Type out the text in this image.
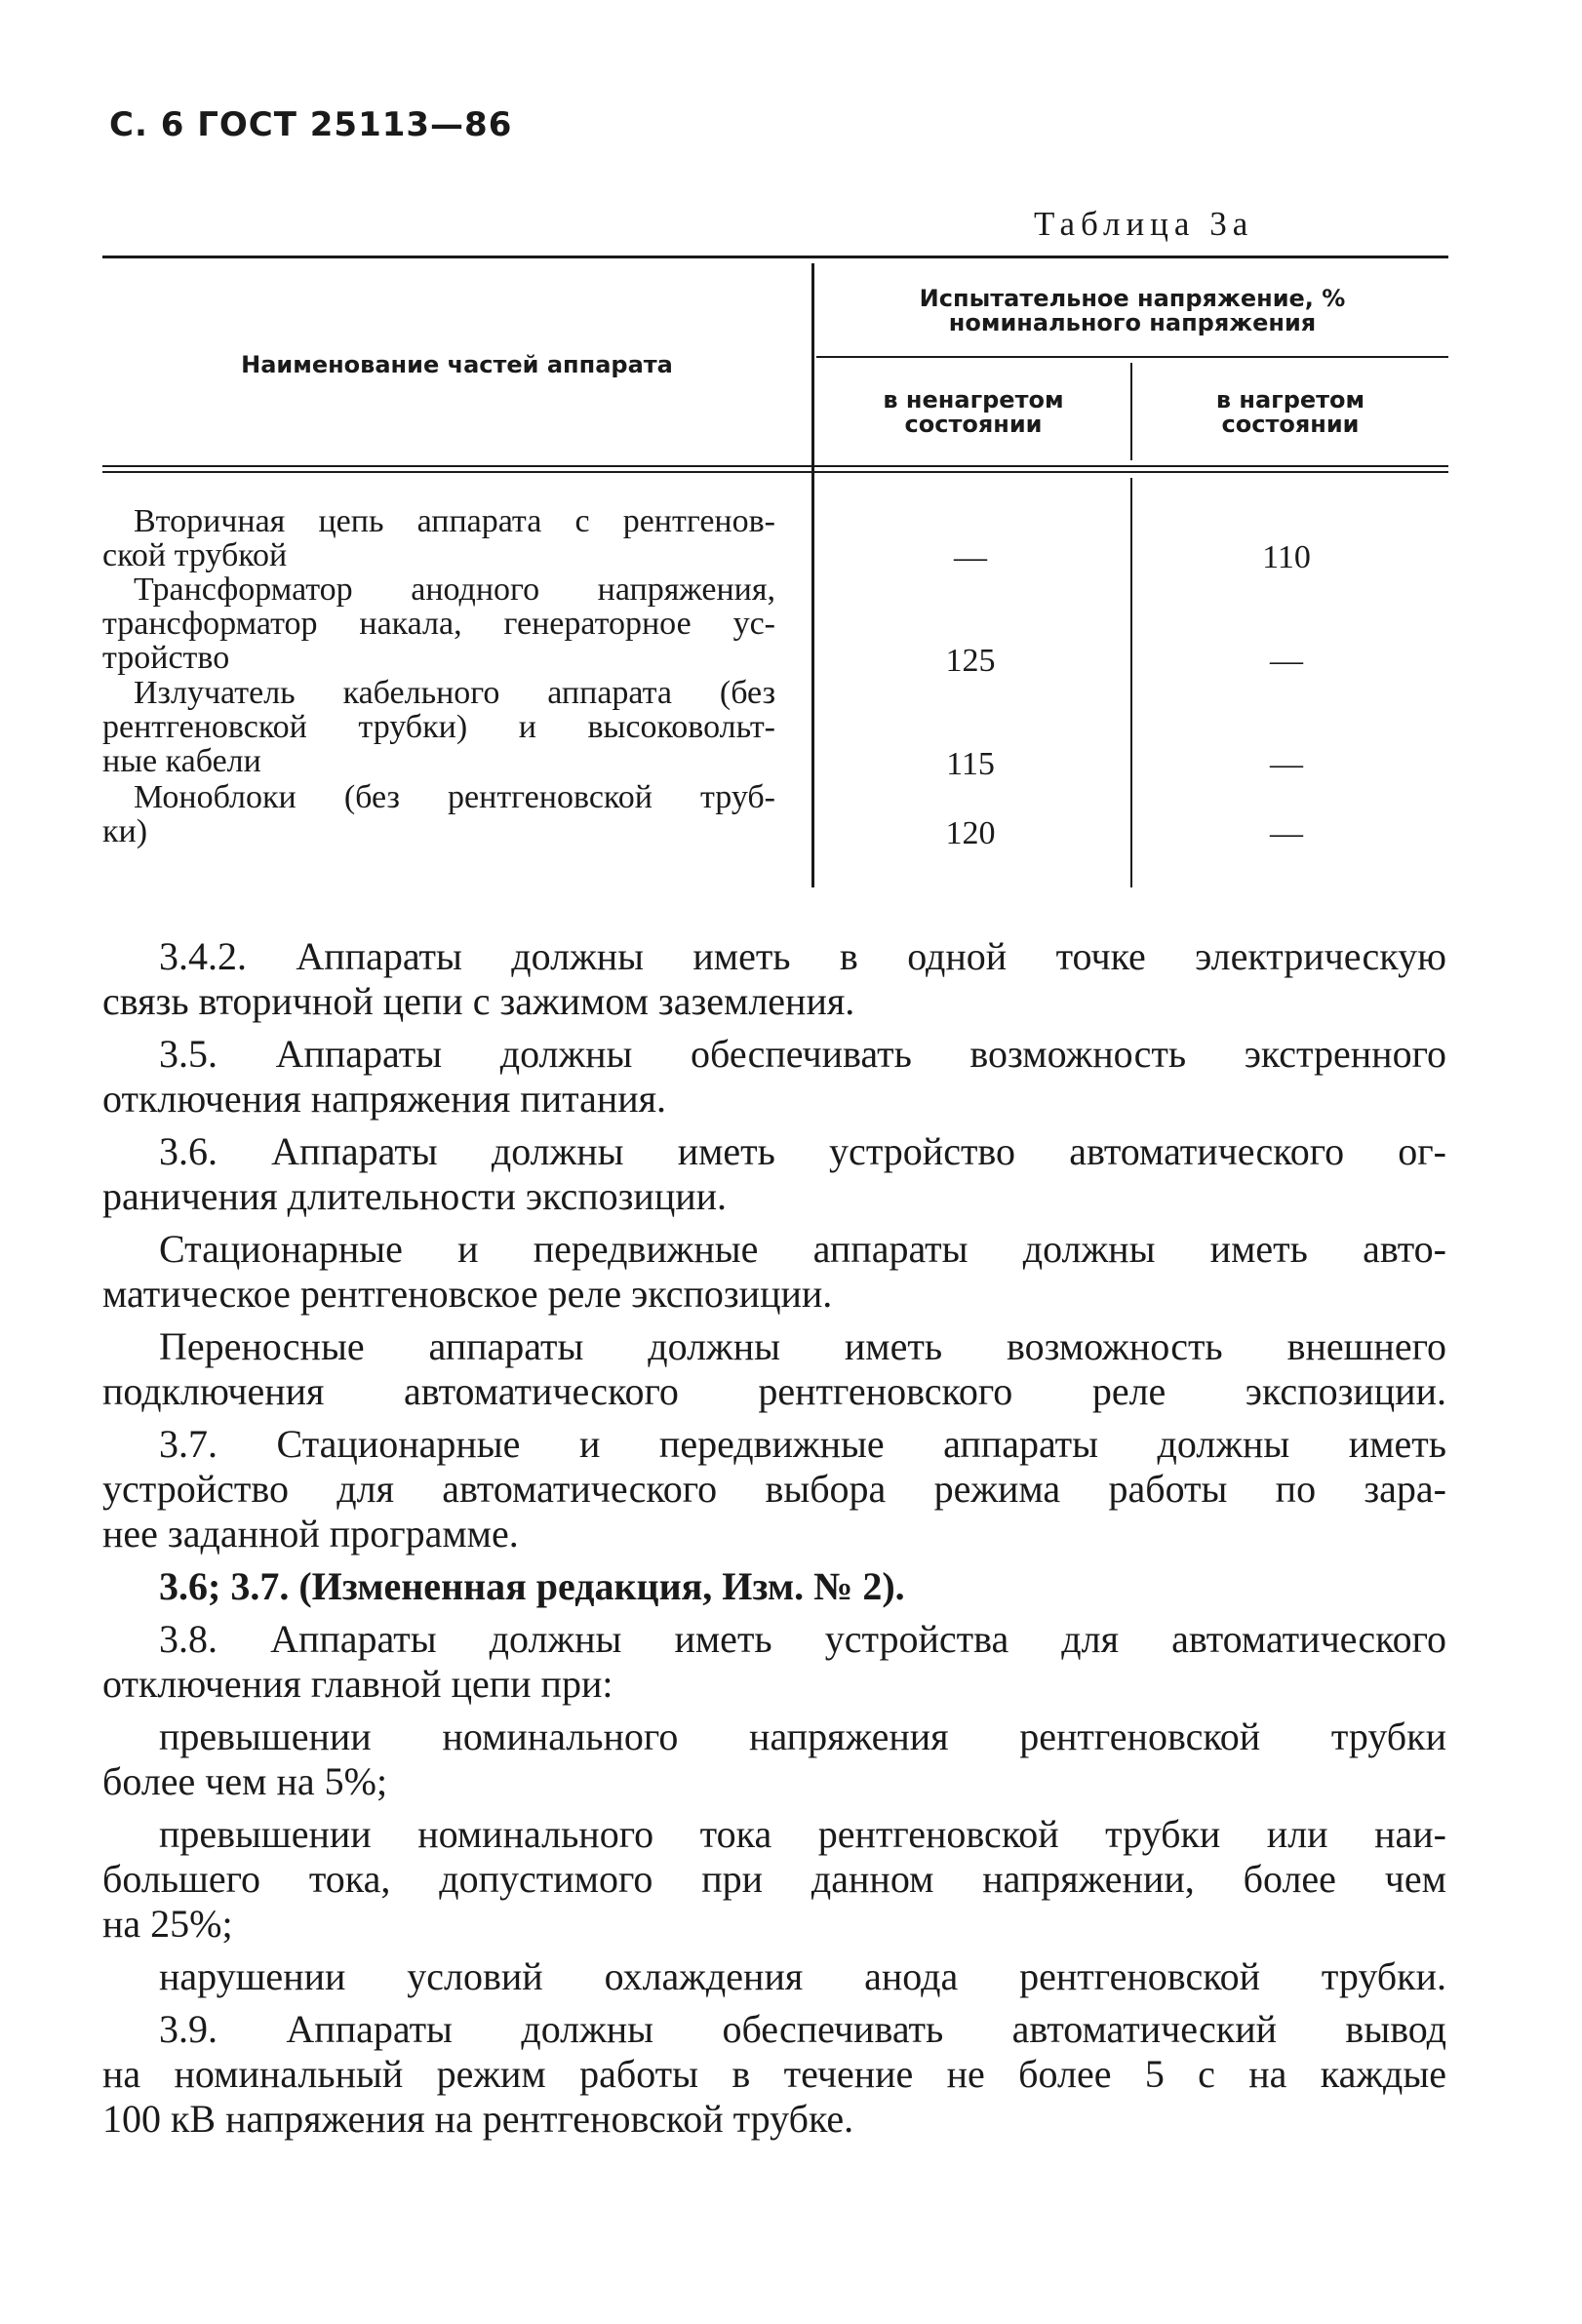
С. 6 ГОСТ 25113—86
Таблица 3а
Наименование частей аппарата
Испытательное напряжение, %
номинального напряжения
в ненагретом
состоянии
в нагретом
состоянии
Вторичная цепь аппарата с рентгенов-
ской трубкой	—	110
Трансформатор анодного напряжения,
трансформатор накала, генераторное ус-
тройство	125	—
Излучатель кабельного аппарата (без
рентгеновской трубки) и высоковольт-
ные кабели	115	—
Моноблоки (без рентгеновской труб-
ки)	120	—
3.4.2. Аппараты должны иметь в одной точке электрическую
связь вторичной цепи с зажимом заземления.
3.5. Аппараты должны обеспечивать возможность экстренного
отключения напряжения питания.
3.6. Аппараты должны иметь устройство автоматического ог-
раничения длительности экспозиции.
Стационарные и передвижные аппараты должны иметь авто-
матическое рентгеновское реле экспозиции.
Переносные аппараты должны иметь возможность внешнего
подключения автоматического рентгеновского реле экспозиции.
3.7. Стационарные и передвижные аппараты должны иметь
устройство для автоматического выбора режима работы по зара-
нее заданной программе.
3.6; 3.7. (Измененная редакция, Изм. № 2).
3.8. Аппараты должны иметь устройства для автоматического
отключения главной цепи при:
превышении номинального напряжения рентгеновской трубки
более чем на 5%;
превышении номинального тока рентгеновской трубки или наи-
большего тока, допустимого при данном напряжении, более чем
на 25%;
нарушении условий охлаждения анода рентгеновской трубки.
3.9. Аппараты должны обеспечивать автоматический вывод
на номинальный режим работы в течение не более 5 с на каждые
100 кВ напряжения на рентгеновской трубке.
